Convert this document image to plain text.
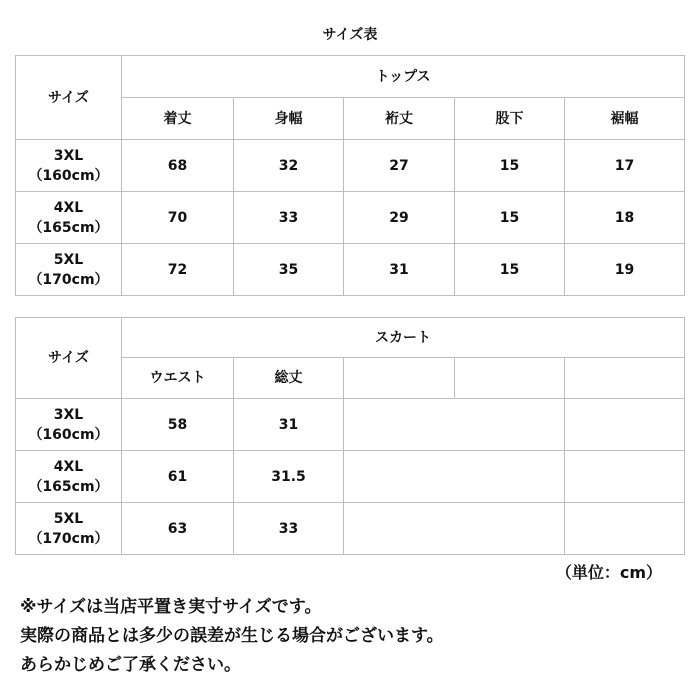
サイズ表
サイズ	トップス				
	着丈	身幅	裄丈	股下	裾幅

3XL
（160cm）	68	32	27	15	17

4XL
（165cm）	70	33	29	15	18

5XL
（170cm）	72	35	31	15	19
サイズ	スカート				
	ウエスト	総丈			

3XL
（160cm）	58	31			

4XL
（165cm）	61	31.5			

5XL
（170cm）	63	33			
（単位：cm）
※サイズは当店平置き実寸サイズです。
実際の商品とは多少の誤差が生じる場合がございます。
あらかじめご了承ください。
